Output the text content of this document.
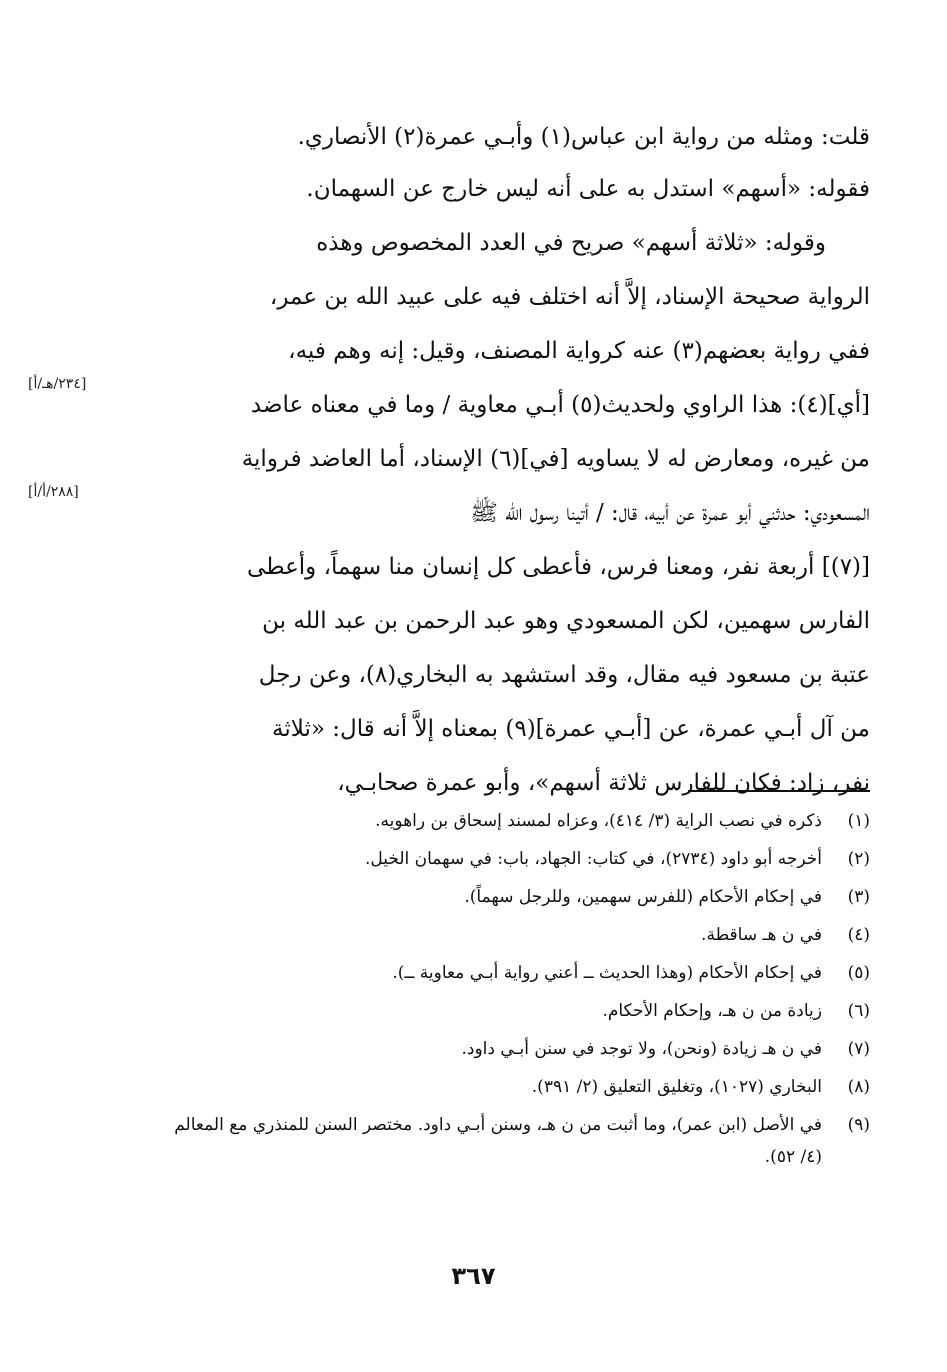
قلت: ومثله من رواية ابن عباس(١) وأبـي عمرة(٢) الأنصاري.
فقوله: «أسهم» استدل به على أنه ليس خارج عن السهمان.
وقوله: «ثلاثة أسهم» صريح في العدد المخصوص وهذه
الرواية صحيحة الإسناد، إلاَّ أنه اختلف فيه على عبيد الله بن عمر،
ففي رواية بعضهم(٣) عنه كرواية المصنف، وقيل: إنه وهم فيه،
[أي](٤): هذا الراوي ولحديث(٥) أبـي معاوية / وما في معناه عاضد
من غيره، ومعارض له لا يساويه [في](٦) الإسناد، أما العاضد فرواية
المسعودي: حدثني أبو عمرة عن أبيه، قال: / أتينا رسول الله ﷺ
[(٧)] أربعة نفر، ومعنا فرس، فأعطى كل إنسان منا سهماً، وأعطى
الفارس سهمين، لكن المسعودي وهو عبد الرحمن بن عبد الله بن
عتبة بن مسعود فيه مقال، وقد استشهد به البخاري(٨)، وعن رجل
من آل أبـي عمرة، عن [أبـي عمرة](٩) بمعناه إلاَّ أنه قال: «ثلاثة
نفر، زاد: فكان للفارس ثلاثة أسهم»، وأبو عمرة صحابـي،
[٢٣٤/هـ/أ]
[٢٨٨/أ/أ]
(١)
ذكره في نصب الراية (٣/ ٤١٤)، وعزاه لمسند إسحاق بن راهويه.
(٢)
أخرجه أبو داود (٢٧٣٤)، في كتاب: الجهاد، باب: في سهمان الخيل.
(٣)
في إحكام الأحكام (للفرس سهمين، وللرجل سهماً).
(٤)
في ن هـ ساقطة.
(٥)
في إحكام الأحكام (وهذا الحديث ــ أعني رواية أبـي معاوية ــ).
(٦)
زيادة من ن هـ، وإحكام الأحكام.
(٧)
في ن هـ زيادة (ونحن)، ولا توجد في سنن أبـي داود.
(٨)
البخاري (١٠٢٧)، وتغليق التعليق (٢/ ٣٩١).
(٩)
في الأصل (ابن عمر)، وما أثبت من ن هـ، وسنن أبـي داود. مختصر السنن للمنذري مع المعالم (٤/ ٥٢).
٣٦٧
